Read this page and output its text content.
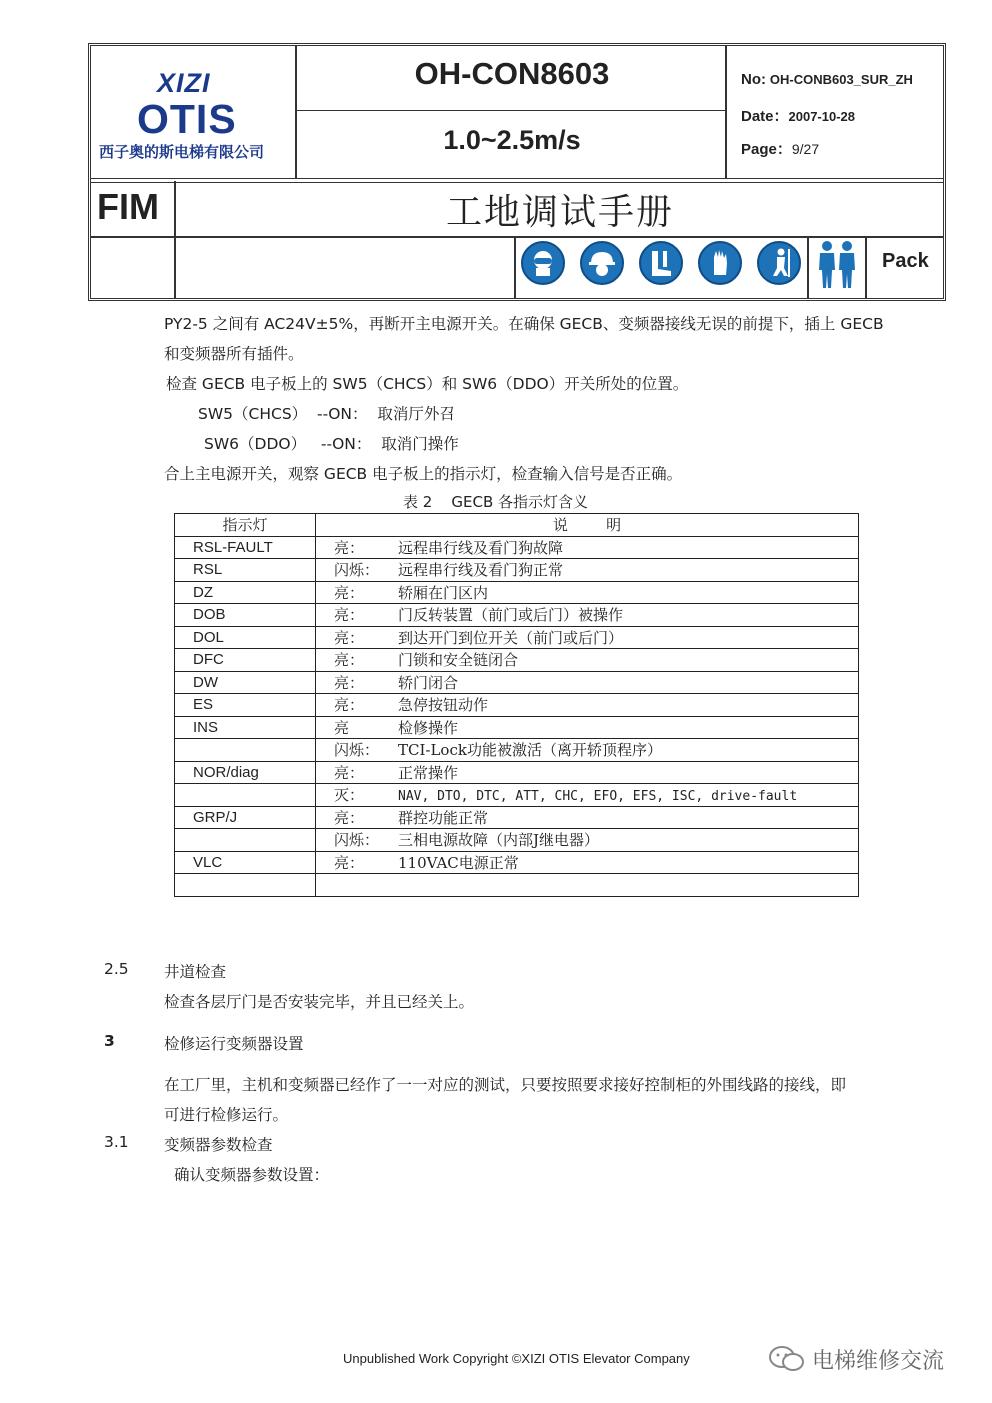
XIZI
OTIS
西子奥的斯电梯有限公司
OH-CON8603
1.0~2.5m/s
No: OH-CONB603_SUR_ZH
Date：2007-10-28
Page：9/27
FIM	工地调试手册
Pack
PY2-5 之间有 AC24V±5%，再断开主电源开关。在确保 GECB、变频器接线无误的前提下，插上 GECB
和变频器所有插件。
检查 GECB 电子板上的 SW5（CHCS）和 SW6（DDO）开关所处的位置。
SW5（CHCS）  --ON：  取消厅外召
SW6（DDO）   --ON：  取消门操作
合上主电源开关，观察 GECB 电子板上的指示灯，检查输入信号是否正确。
表 2    GECB 各指示灯含义
指示灯	说        明
RSL-FAULT	亮： 远程串行线及看门狗故障
RSL	闪烁： 远程串行线及看门狗正常
DZ	亮： 轿厢在门区内
DOB	亮： 门反转装置（前门或后门）被操作
DOL	亮： 到达开门到位开关（前门或后门）
DFC	亮： 门锁和安全链闭合
DW	亮： 轿门闭合
ES	亮： 急停按钮动作
INS	亮 检修操作
	闪烁： TCI-Lock功能被激活（离开轿顶程序）
NOR/diag	亮： 正常操作
	灭： NAV, DTO, DTC, ATT, CHC, EFO, EFS, ISC, drive-fault
GRP/J	亮： 群控功能正常
	闪烁： 三相电源故障（内部J继电器）
VLC	亮： 110VAC电源正常

2.5 井道检查
检查各层厅门是否安装完毕，并且已经关上。
3	检修运行变频器设置
在工厂里，主机和变频器已经作了一一对应的测试，只要按照要求接好控制柜的外围线路的接线，即
可进行检修运行。
3.1 变频器参数检查
确认变频器参数设置：
Unpublished Work Copyright ©XIZI OTIS Elevator Company	电梯维修交流
